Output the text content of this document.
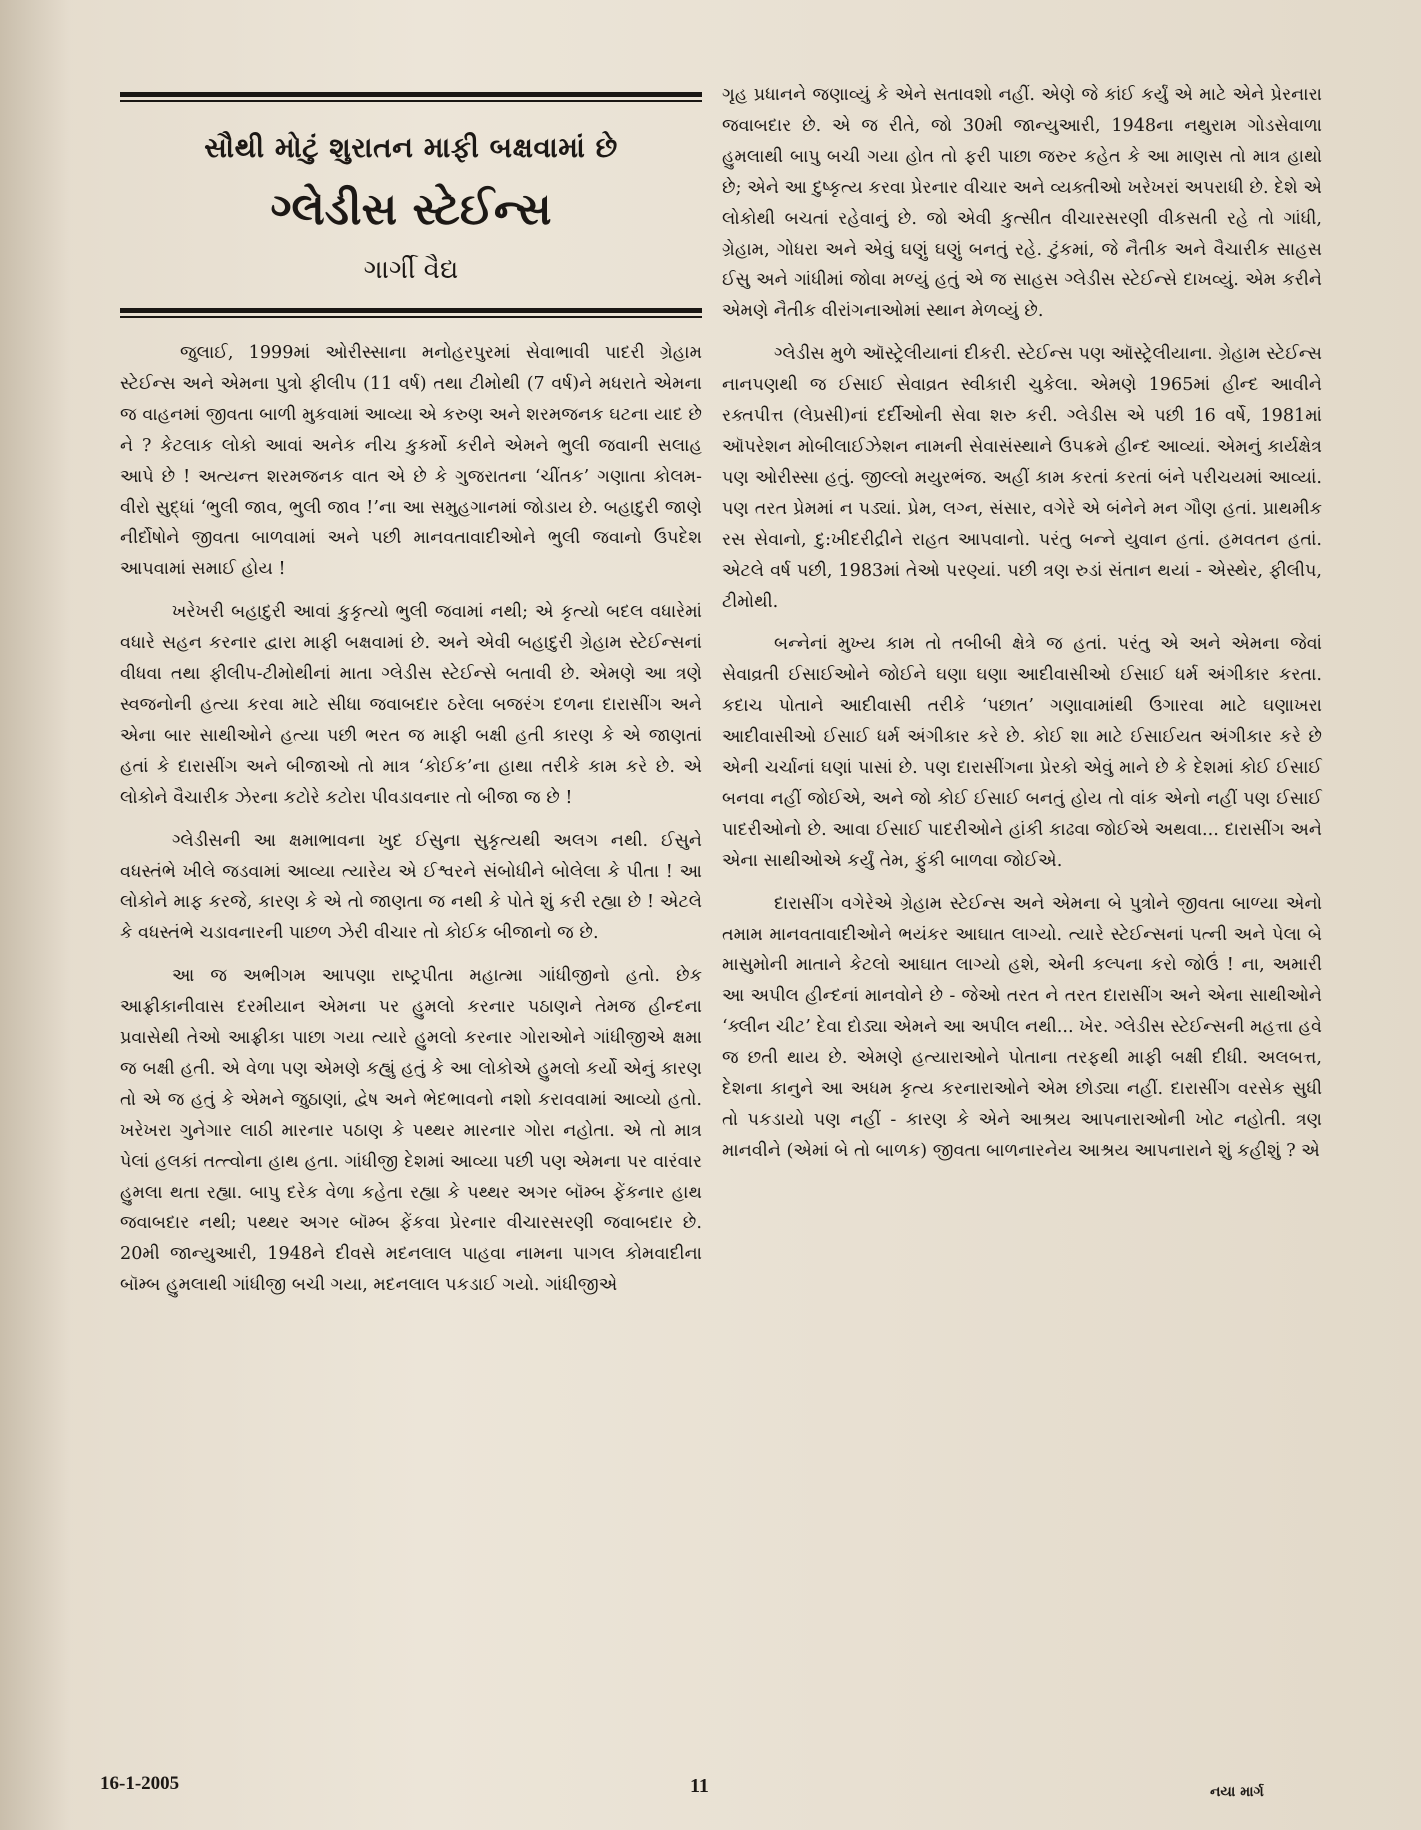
સૌથી મોટું શુરાતન માફી બક્ષવામાં છે
ગ્લેડીસ સ્ટેઈન્સ
ગાર્ગી વૈદ્ય

જુલાઈ, 1999માં ઓરીસ્સાના મનોહરપુરમાં સેવાભાવી પાદરી ગ્રેહામ સ્ટેઈન્સ અને એમના પુત્રો ફીલીપ (11 વર્ષ) તથા ટીમોથી (7 વર્ષ)ને મધરાતે એમના જ વાહનમાં જીવતા બાળી મુકવામાં આવ્યા એ કરુણ અને શરમજનક ઘટના યાદ છે ને ? કેટલાક લોકો આવાં અનેક નીચ કુકર્મો કરીને એમને ભુલી જવાની સલાહ આપે છે ! અત્યન્ત શરમજનક વાત એ છે કે ગુજરાતના ‘ચીંતક’ ગણાતા કોલમ-વીરો સુદ્ધાં ‘ભુલી જાવ, ભુલી જાવ !’ના આ સમુહગાનમાં જોડાય છે. બહાદુરી જાણે નીર્દોષોને જીવતા બાળવામાં અને પછી માનવતાવાદીઓને ભુલી જવાનો ઉપદેશ આપવામાં સમાઈ હોય !

ખરેખરી બહાદુરી આવાં કુકૃત્યો ભુલી જવામાં નથી; એ કૃત્યો બદલ વધારેમાં વધારે સહન કરનાર દ્વારા માફી બક્ષવામાં છે. અને એવી બહાદુરી ગ્રેહામ સ્ટેઈન્સનાં વીધવા તથા ફીલીપ-ટીમોથીનાં માતા ગ્લેડીસ સ્ટેઈન્સે બતાવી છે. એમણે આ ત્રણે સ્વજનોની હત્યા કરવા માટે સીધા જવાબદાર ઠરેલા બજરંગ દળના દારાસીંગ અને એના બાર સાથીઓને હત્યા પછી ભરત જ માફી બક્ષી હતી કારણ કે એ જાણતાં હતાં કે દારાસીંગ અને બીજાઓ તો માત્ર ‘કોઈક’ના હાથા તરીકે કામ કરે છે. એ લોકોને વૈચારીક ઝેરના કટોરે કટોરા પીવડાવનાર તો બીજા જ છે !

ગ્લેડીસની આ ક્ષમાભાવના ખુદ ઈસુના સુકૃત્યથી અલગ નથી. ઈસુને વધસ્તંભે ખીલે જડવામાં આવ્યા ત્યારેય એ ઈશ્વરને સંબોધીને બોલેલા કે પીતા ! આ લોકોને માફ કરજે, કારણ કે એ તો જાણતા જ નથી કે પોતે શું કરી રહ્યા છે ! એટલે કે વધસ્તંભે ચડાવનારની પાછળ ઝેરી વીચાર તો કોઈક બીજાનો જ છે.

આ જ અભીગમ આપણા રાષ્ટ્રપીતા મહાત્મા ગાંધીજીનો હતો. છેક આફ્રીકાનીવાસ દરમીયાન એમના પર હુમલો કરનાર પઠાણને તેમજ હીન્દના પ્રવાસેથી તેઓ આફ્રીકા પાછા ગયા ત્યારે હુમલો કરનાર ગોરાઓને ગાંધીજીએ ક્ષમા જ બક્ષી હતી. એ વેળા પણ એમણે કહ્યું હતું કે આ લોકોએ હુમલો કર્યો એનું કારણ તો એ જ હતું કે એમને જુઠાણાં, દ્વેષ અને ભેદભાવનો નશો કરાવવામાં આવ્યો હતો. ખરેખરા ગુનેગાર લાઠી મારનાર પઠાણ કે પથ્થર મારનાર ગોરા નહોતા. એ તો માત્ર પેલાં હલકાં તત્ત્વોના હાથ હતા. ગાંધીજી દેશમાં આવ્યા પછી પણ એમના પર વારંવાર હુમલા થતા રહ્યા. બાપુ દરેક વેળા કહેતા રહ્યા કે પથ્થર અગર બૉમ્બ ફેંકનાર હાથ જવાબદાર નથી; પથ્થર અગર બૉમ્બ ફેંકવા પ્રેરનાર વીચારસરણી જવાબદાર છે. 20મી જાન્યુઆરી, 1948ને દીવસે મદનલાલ પાહવા નામના પાગલ કોમવાદીના બૉમ્બ હુમલાથી ગાંધીજી બચી ગયા, મદનલાલ પકડાઈ ગયો. ગાંધીજીએ

ગૃહ પ્રધાનને જણાવ્યું કે એને સતાવશો નહીં. એણે જે કાંઈ કર્યું એ માટે એને પ્રેરનારા જવાબદાર છે. એ જ રીતે, જો 30મી જાન્યુઆરી, 1948ના નથુરામ ગોડસેવાળા હુમલાથી બાપુ બચી ગયા હોત તો ફરી પાછા જરુર કહેત કે આ માણસ તો માત્ર હાથો છે; એને આ દુષ્કૃત્ય કરવા પ્રેરનાર વીચાર અને વ્યક્તીઓ ખરેખરાં અપરાધી છે. દેશે એ લોકોથી બચતાં રહેવાનું છે. જો એવી કુત્સીત વીચારસરણી વીકસતી રહે તો ગાંધી, ગ્રેહામ, ગોધરા અને એવું ઘણું ઘણું બનતું રહે. ટુંકમાં, જે નૈતીક અને વૈચારીક સાહસ ઈસુ અને ગાંધીમાં જોવા મળ્યું હતું એ જ સાહસ ગ્લેડીસ સ્ટેઈન્સે દાખવ્યું. એમ કરીને એમણે નૈતીક વીરાંગનાઓમાં સ્થાન મેળવ્યું છે.

ગ્લેડીસ મુળે ઑસ્ટ્રેલીયાનાં દીકરી. સ્ટેઈન્સ પણ ઑસ્ટ્રેલીયાના. ગ્રેહામ સ્ટેઈન્સ નાનપણથી જ ઈસાઈ સેવાવ્રત સ્વીકારી ચુકેલા. એમણે 1965માં હીન્દ આવીને રક્તપીત્ત (લેપ્રસી)નાં દર્દીઓની સેવા શરુ કરી. ગ્લેડીસ એ પછી 16 વર્ષે, 1981માં ઑપરેશન મોબીલાઈઝેશન નામની સેવાસંસ્થાને ઉપક્રમે હીન્દ આવ્યાં. એમનું કાર્યક્ષેત્ર પણ ઓરીસ્સા હતું. જીલ્લો મયુરભંજ. અહીં કામ કરતાં કરતાં બંને પરીચયમાં આવ્યાં. પણ તરત પ્રેમમાં ન પડ્યાં. પ્રેમ, લગ્ન, સંસાર, વગેરે એ બંનેને મન ગૌણ હતાં. પ્રાથમીક રસ સેવાનો, દુ:ખીદરીદ્રીને રાહત આપવાનો. પરંતુ બન્ને યુવાન હતાં. હમવતન હતાં. એટલે વર્ષ પછી, 1983માં તેઓ પરણ્યાં. પછી ત્રણ રુડાં સંતાન થયાં - એસ્થેર, ફીલીપ, ટીમોથી.

બન્નેનાં મુખ્ય કામ તો તબીબી ક્ષેત્રે જ હતાં. પરંતુ એ અને એમના જેવાં સેવાવ્રતી ઈસાઈઓને જોઈને ઘણા ઘણા આદીવાસીઓ ઈસાઈ ધર્મ અંગીકાર કરતા. કદાચ પોતાને આદીવાસી તરીકે ‘પછાત’ ગણાવામાંથી ઉગારવા માટે ઘણાખરા આદીવાસીઓ ઈસાઈ ધર્મ અંગીકાર કરે છે. કોઈ શા માટે ઈસાઈયત અંગીકાર કરે છે એની ચર્ચાનાં ઘણાં પાસાં છે. પણ દારાસીંગના પ્રેરકો એવું માને છે કે દેશમાં કોઈ ઈસાઈ બનવા નહીં જોઈએ, અને જો કોઈ ઈસાઈ બનતું હોય તો વાંક એનો નહીં પણ ઈસાઈ પાદરીઓનો છે. આવા ઈસાઈ પાદરીઓને હાંકી કાઢવા જોઈએ અથવા... દારાસીંગ અને એના સાથીઓએ કર્યું તેમ, ફુંકી બાળવા જોઈએ.

દારાસીંગ વગેરેએ ગ્રેહામ સ્ટેઈન્સ અને એમના બે પુત્રોને જીવતા બાળ્યા એનો તમામ માનવતાવાદીઓને ભયંકર આઘાત લાગ્યો. ત્યારે સ્ટેઈન્સનાં પત્ની અને પેલા બે માસુમોની માતાને કેટલો આઘાત લાગ્યો હશે, એની કલ્પના કરો જોઉં ! ના, અમારી આ અપીલ હીન્દનાં માનવોને છે - જેઓ તરત ને તરત દારાસીંગ અને એના સાથીઓને ‘ક્લીન ચીટ’ દેવા દોડ્યા એમને આ અપીલ નથી... ખેર. ગ્લેડીસ સ્ટેઈન્સની મહત્તા હવે જ છતી થાય છે. એમણે હત્યારાઓને પોતાના તરફથી માફી બક્ષી દીધી. અલબત્ત, દેશના કાનુને આ અધમ કૃત્ય કરનારાઓને એમ છોડ્યા નહીં. દારાસીંગ વરસેક સુધી તો પકડાયો પણ નહીં - કારણ કે એને આશ્રય આપનારાઓની ખોટ નહોતી. ત્રણ માનવીને (એમાં બે તો બાળક) જીવતા બાળનારનેય આશ્રય આપનારાને શું કહીશું ? એ

16-1-2005	11	નયા માર્ગ
